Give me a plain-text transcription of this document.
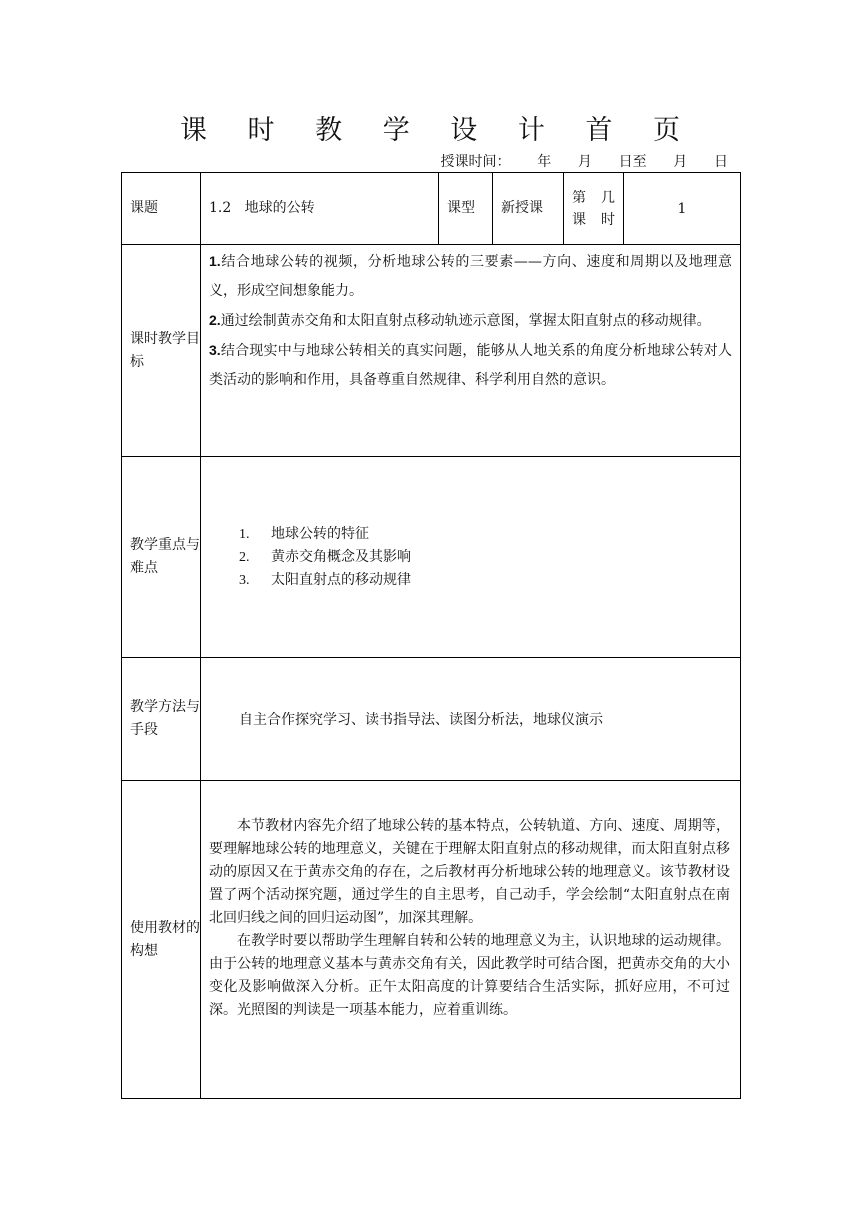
课 时 教 学 设 计 首 页
授课时间： 年 月 日至 月 日
课题	1.2   地球的公转	课型	新授课	第 几 课 时	1
课时教学目标	1.结合地球公转的视频，分析地球公转的三要素——方向、速度和周期以及地理意义，形成空间想象能力。
2.通过绘制黄赤交角和太阳直射点移动轨迹示意图，掌握太阳直射点的移动规律。
3.结合现实中与地球公转相关的真实问题，能够从人地关系的角度分析地球公转对人类活动的影响和作用，具备尊重自然规律、科学利用自然的意识。				

教学重点与难点	1. 地球公转的特征
2. 黄赤交角概念及其影响
3. 太阳直射点的移动规律				

教学方法与手段	自主合作探究学习、读书指导法、读图分析法，地球仪演示				
使用教材的构想	本节教材内容先介绍了地球公转的基本特点，公转轨道、方向、速度、周期等，要理解地球公转的地理意义，关键在于理解太阳直射点的移动规律，而太阳直射点移动的原因又在于黄赤交角的存在，之后教材再分析地球公转的地理意义。该节教材设置了两个活动探究题，通过学生的自主思考，自己动手，学会绘制“太阳直射点在南北回归线之间的回归运动图”，加深其理解。

在教学时要以帮助学生理解自转和公转的地理意义为主，认识地球的运动规律。由于公转的地理意义基本与黄赤交角有关，因此教学时可结合图，把黄赤交角的大小变化及影响做深入分析。正午太阳高度的计算要结合生活实际，抓好应用，不可过深。光照图的判读是一项基本能力，应着重训练。				
